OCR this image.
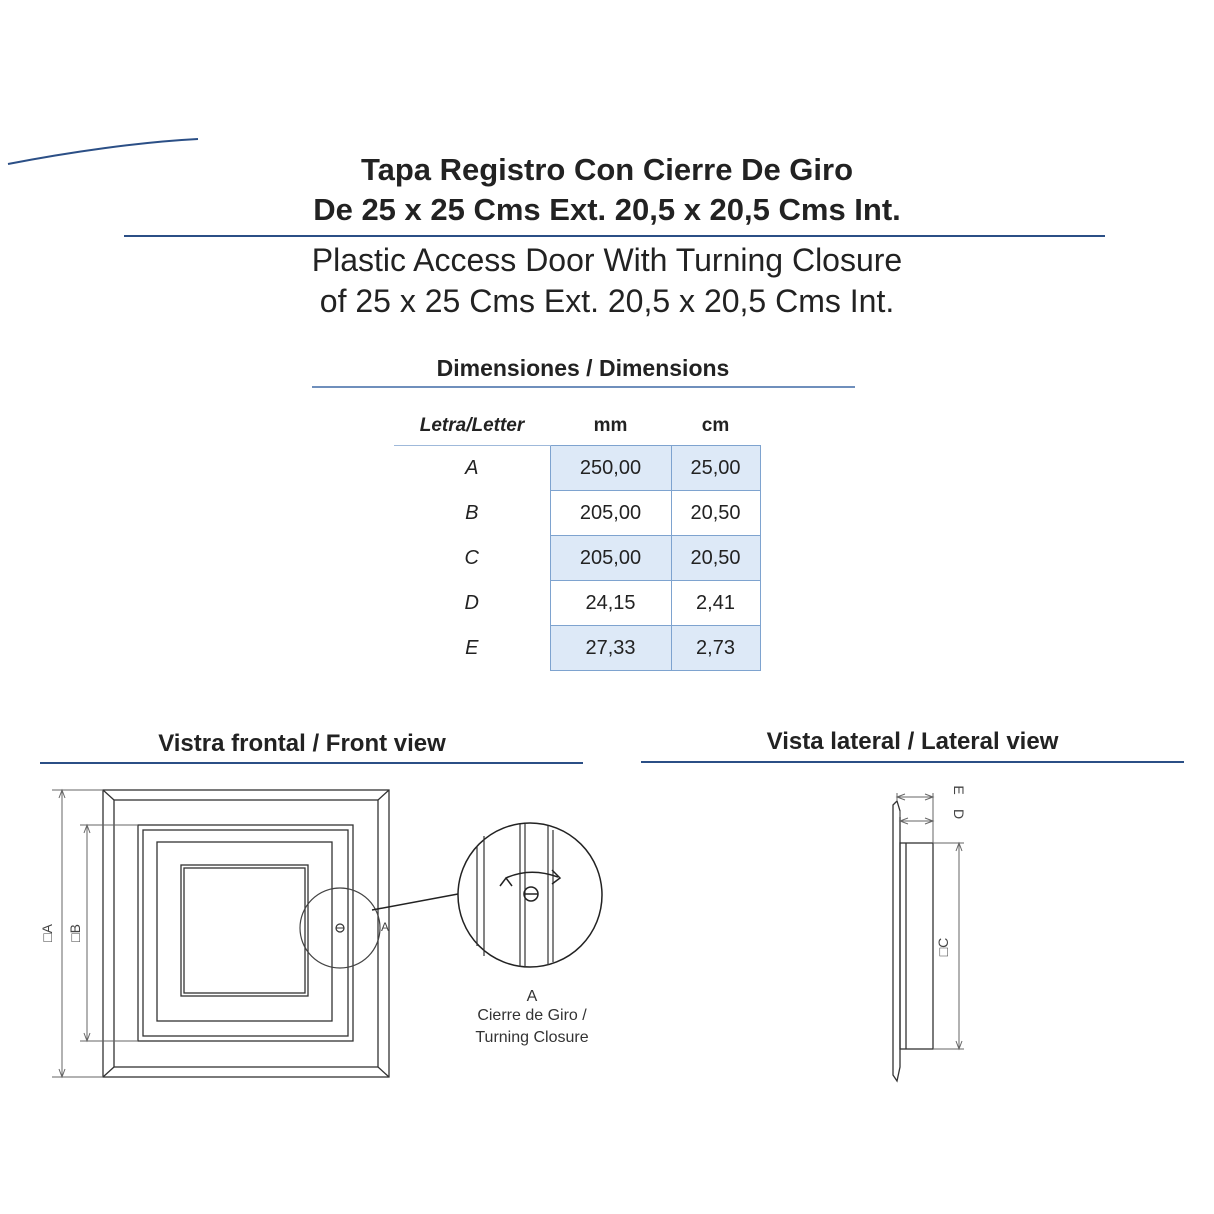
Tapa Registro Con Cierre De Giro
De 25 x 25 Cms Ext. 20,5 x 20,5 Cms Int.
Plastic Access Door With Turning Closure
of 25 x 25 Cms Ext. 20,5 x 20,5 Cms Int.
Dimensiones / Dimensions
Letra/Letter	mm	cm
A	250,00	25,00
B	205,00	20,50
C	205,00	20,50
D	24,15	2,41
E	27,33	2,73
Vistra frontal / Front view	Vista lateral / Lateral view
□A □B	A
A
Cierre de Giro /
Turning Closure
E
D
□C
